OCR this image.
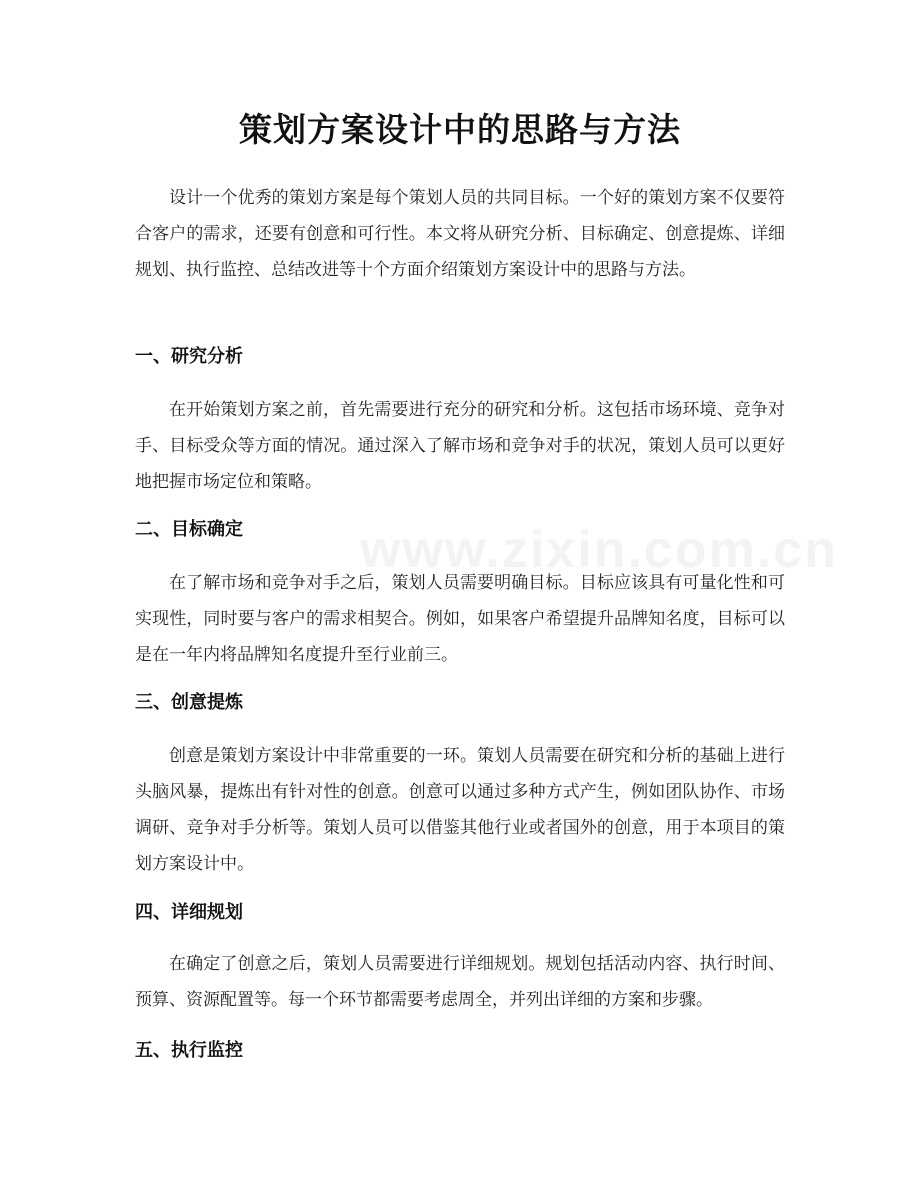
www.zixin.com.cn
策划方案设计中的思路与方法

设计一个优秀的策划方案是每个策划人员的共同目标。一个好的策划方案不仅要符合客户的需求，还要有创意和可行性。本文将从研究分析、目标确定、创意提炼、详细规划、执行监控、总结改进等十个方面介绍策划方案设计中的思路与方法。

一、研究分析

在开始策划方案之前，首先需要进行充分的研究和分析。这包括市场环境、竞争对手、目标受众等方面的情况。通过深入了解市场和竞争对手的状况，策划人员可以更好地把握市场定位和策略。

二、目标确定

在了解市场和竞争对手之后，策划人员需要明确目标。目标应该具有可量化性和可实现性，同时要与客户的需求相契合。例如，如果客户希望提升品牌知名度，目标可以是在一年内将品牌知名度提升至行业前三。

三、创意提炼

创意是策划方案设计中非常重要的一环。策划人员需要在研究和分析的基础上进行头脑风暴，提炼出有针对性的创意。创意可以通过多种方式产生，例如团队协作、市场调研、竞争对手分析等。策划人员可以借鉴其他行业或者国外的创意，用于本项目的策划方案设计中。

四、详细规划

在确定了创意之后，策划人员需要进行详细规划。规划包括活动内容、执行时间、预算、资源配置等。每一个环节都需要考虑周全，并列出详细的方案和步骤。

五、执行监控
